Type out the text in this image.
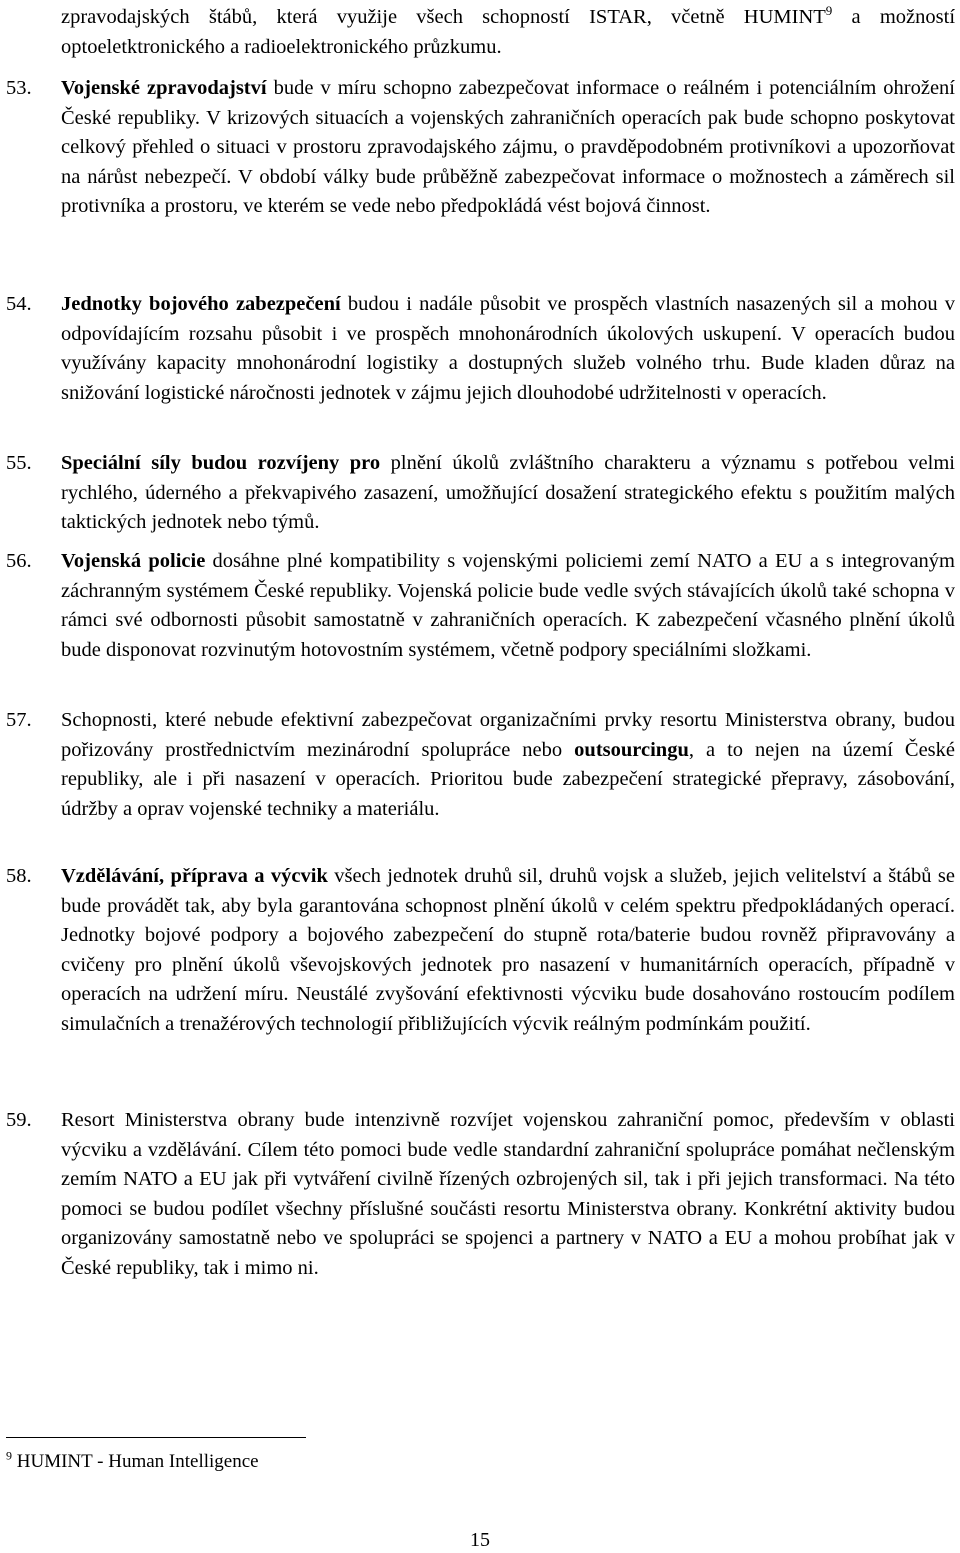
zpravodajských štábů, která využije všech schopností ISTAR, včetně HUMINT$^9$ a možností optoeletktronického a radioelektronického průzkumu.
53. Vojenské zpravodajství bude v míru schopno zabezpečovat informace o reálném i potenciálním ohrožení České republiky. V krizových situacích a vojenských zahraničních operacích pak bude schopno poskytovat celkový přehled o situaci v prostoru zpravodajského zájmu, o pravděpodobném protivníkovi a upozorňovat na nárůst nebezpečí. V období války bude průběžně zabezpečovat informace o možnostech a záměrech sil protivníka a prostoru, ve kterém se vede nebo předpokládá vést bojová činnost.
54. Jednotky bojového zabezpečení budou i nadále působit ve prospěch vlastních nasazených sil a mohou v odpovídajícím rozsahu působit i ve prospěch mnohonárodních úkolových uskupení. V operacích budou využívány kapacity mnohonárodní logistiky a dostupných služeb volného trhu. Bude kladen důraz na snižování logistické náročnosti jednotek v zájmu jejich dlouhodobé udržitelnosti v operacích.
55. Speciální síly budou rozvíjeny pro plnění úkolů zvláštního charakteru a významu s potřebou velmi rychlého, úderného a překvapivého zasazení, umožňující dosažení strategického efektu s použitím malých taktických jednotek nebo týmů.
56. Vojenská policie dosáhne plné kompatibility s vojenskými policiemi zemí NATO a EU a s integrovaným záchranným systémem České republiky. Vojenská policie bude vedle svých stávajících úkolů také schopna v rámci své odbornosti působit samostatně v zahraničních operacích. K zabezpečení včasného plnění úkolů bude disponovat rozvinutým hotovostním systémem, včetně podpory speciálními složkami.
57. Schopnosti, které nebude efektivní zabezpečovat organizačními prvky resortu Ministerstva obrany, budou pořizovány prostřednictvím mezinárodní spolupráce nebo outsourcingu, a to nejen na území České republiky, ale i při nasazení v operacích. Prioritou bude zabezpečení strategické přepravy, zásobování, údržby a oprav vojenské techniky a materiálu.
58. Vzdělávání, příprava a výcvik všech jednotek druhů sil, druhů vojsk a služeb, jejich velitelství a štábů se bude provádět tak, aby byla garantována schopnost plnění úkolů v celém spektru předpokládaných operací. Jednotky bojové podpory a bojového zabezpečení do stupně rota/baterie budou rovněž připravovány a cvičeny pro plnění úkolů vševojskových jednotek pro nasazení v humanitárních operacích, případně v operacích na udržení míru. Neustálé zvyšování efektivnosti výcviku bude dosahováno rostoucím podílem simulačních a trenažérových technologií přibližujících výcvik reálným podmínkám použití.
59. Resort Ministerstva obrany bude intenzivně rozvíjet vojenskou zahraniční pomoc, především v oblasti výcviku a vzdělávání. Cílem této pomoci bude vedle standardní zahraniční spolupráce pomáhat nečlenským zemím NATO a EU jak při vytváření civilně řízených ozbrojených sil, tak i při jejich transformaci. Na této pomoci se budou podílet všechny příslušné součásti resortu Ministerstva obrany. Konkrétní aktivity budou organizovány samostatně nebo ve spolupráci se spojenci a partnery v NATO a EU a mohou probíhat jak v České republiky, tak i mimo ni.
$^9$ HUMINT - Human Intelligence
15
